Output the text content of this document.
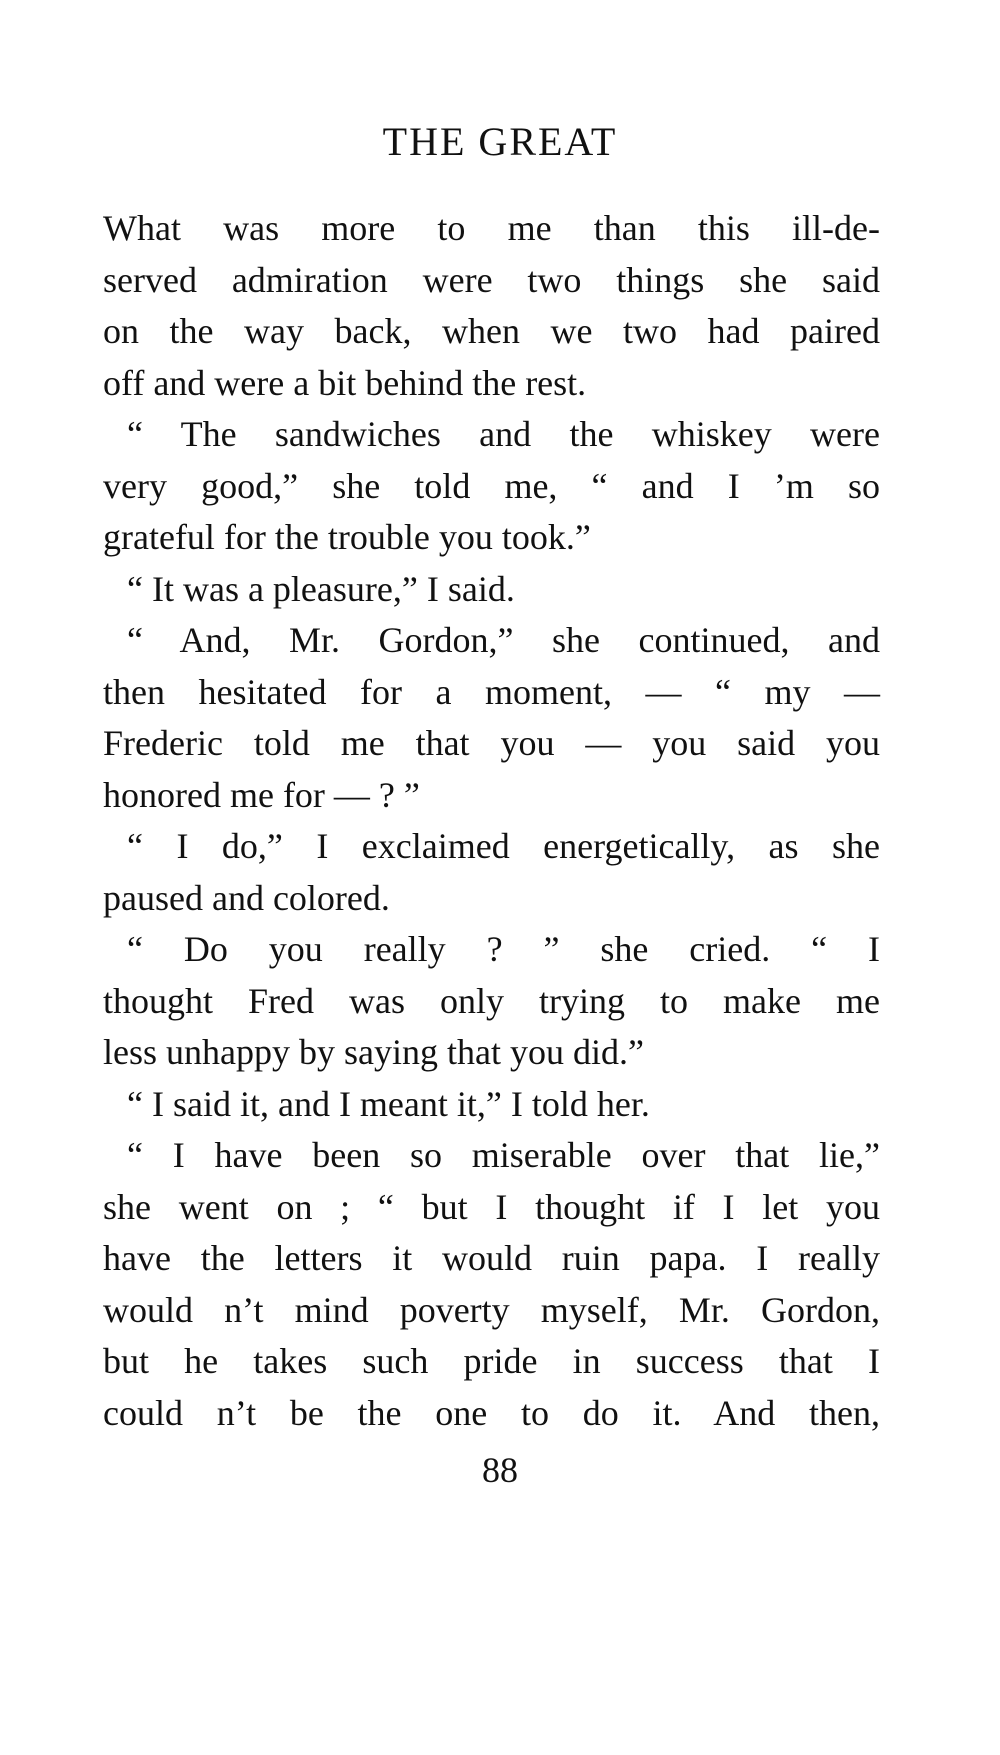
THE GREAT
What was more to me than this ill-de-
served admiration were two things she said
on the way back, when we two had paired
off and were a bit behind the rest.
“ The sandwiches and the whiskey were
very good,” she told me, “ and I ’m so
grateful for the trouble you took.”
“ It was a pleasure,” I said.
“ And, Mr. Gordon,” she continued, and
then hesitated for a moment, — “ my —
Frederic told me that you — you said you
honored me for — ? ”
“ I do,” I exclaimed energetically, as she
paused and colored.
“ Do you really ? ” she cried. “ I
thought Fred was only trying to make me
less unhappy by saying that you did.”
“ I said it, and I meant it,” I told her.
“ I have been so miserable over that lie,”
she went on ; “ but I thought if I let you
have the letters it would ruin papa. I really
would n’t mind poverty myself, Mr. Gordon,
but he takes such pride in success that I
could n’t be the one to do it. And then,
88
